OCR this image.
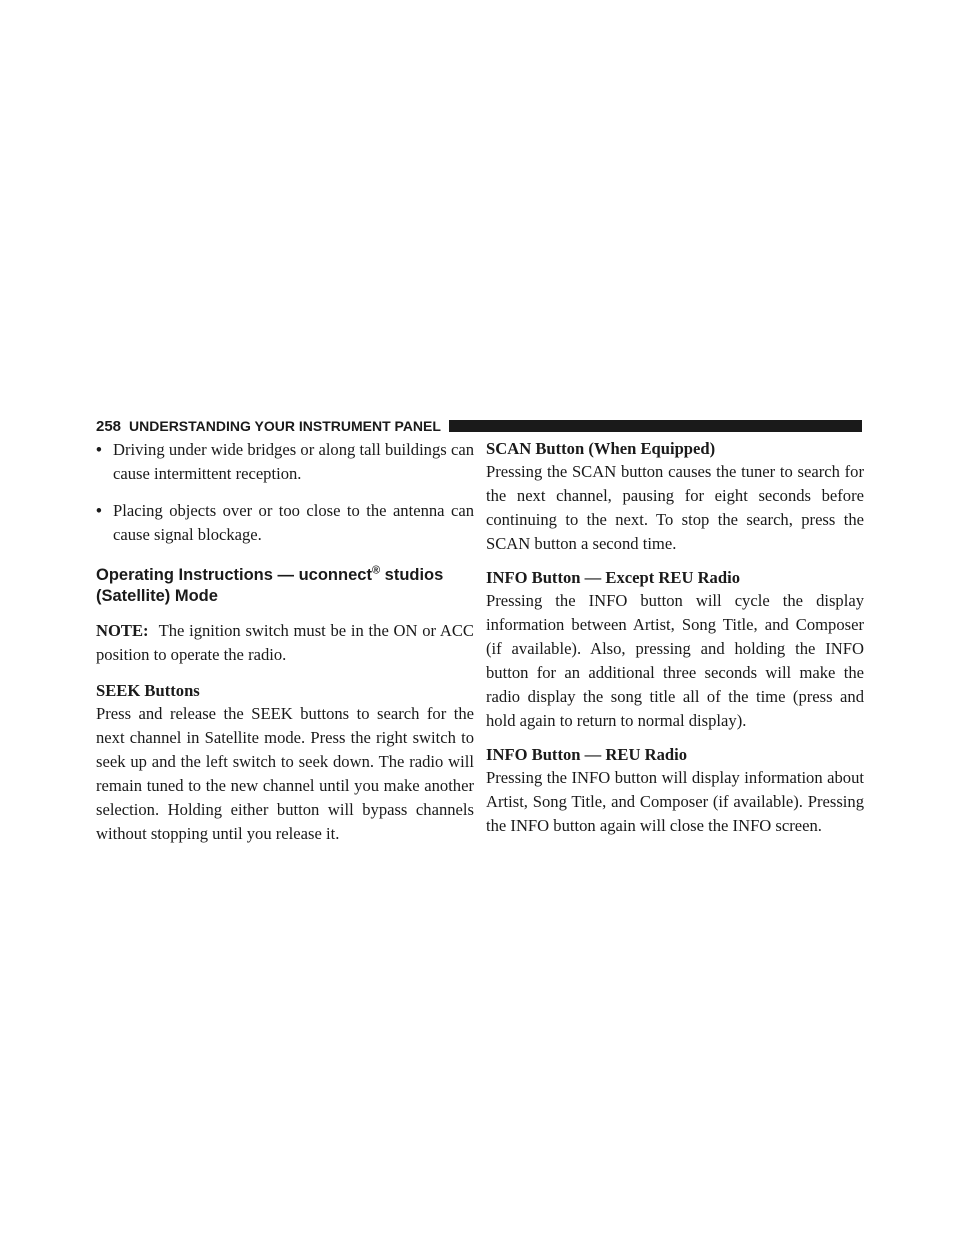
258 UNDERSTANDING YOUR INSTRUMENT PANEL

• Driving under wide bridges or along tall buildings can cause intermittent reception.

• Placing objects over or too close to the antenna can cause signal blockage.

Operating Instructions — uconnect® studios (Satellite) Mode

NOTE: The ignition switch must be in the ON or ACC position to operate the radio.

SEEK Buttons

Press and release the SEEK buttons to search for the next channel in Satellite mode. Press the right switch to seek up and the left switch to seek down. The radio will remain tuned to the new channel until you make another selection. Holding either button will bypass channels without stopping until you release it.

SCAN Button (When Equipped)

Pressing the SCAN button causes the tuner to search for the next channel, pausing for eight seconds before continuing to the next. To stop the search, press the SCAN button a second time.

INFO Button — Except REU Radio

Pressing the INFO button will cycle the display information between Artist, Song Title, and Composer (if available). Also, pressing and holding the INFO button for an additional three seconds will make the radio display the song title all of the time (press and hold again to return to normal display).

INFO Button — REU Radio

Pressing the INFO button will display information about Artist, Song Title, and Composer (if available). Pressing the INFO button again will close the INFO screen.
